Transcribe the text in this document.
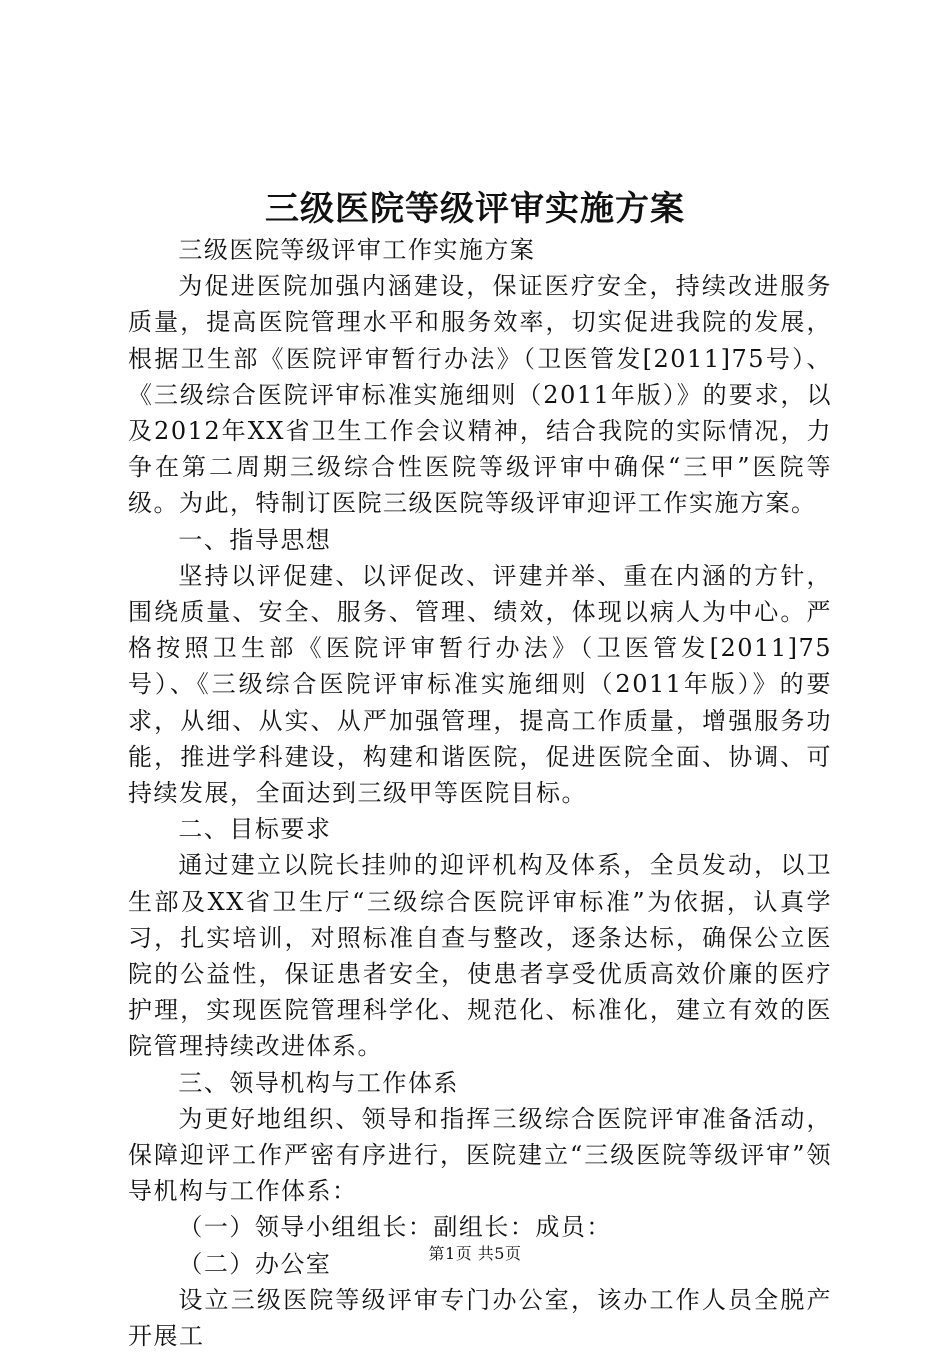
三级医院等级评审实施方案

三级医院等级评审工作实施方案

为促进医院加强内涵建设，保证医疗安全，持续改进服务质量，提高医院管理水平和服务效率，切实促进我院的发展，根据卫生部《医院评审暂行办法》（卫医管发[2011]75号）、《三级综合医院评审标准实施细则（2011年版）》的要求，以及2012年XX省卫生工作会议精神，结合我院的实际情况，力争在第二周期三级综合性医院等级评审中确保“三甲”医院等级。为此，特制订医院三级医院等级评审迎评工作实施方案。

一、指导思想

坚持以评促建、以评促改、评建并举、重在内涵的方针，围绕质量、安全、服务、管理、绩效，体现以病人为中心。严格按照卫生部《医院评审暂行办法》（卫医管发[2011]75号）、《三级综合医院评审标准实施细则（2011年版）》的要求，从细、从实、从严加强管理，提高工作质量，增强服务功能，推进学科建设，构建和谐医院，促进医院全面、协调、可持续发展，全面达到三级甲等医院目标。

二、目标要求

通过建立以院长挂帅的迎评机构及体系，全员发动，以卫生部及XX省卫生厅“三级综合医院评审标准”为依据，认真学习，扎实培训，对照标准自查与整改，逐条达标，确保公立医院的公益性，保证患者安全，使患者享受优质高效价廉的医疗护理，实现医院管理科学化、规范化、标准化，建立有效的医院管理持续改进体系。

三、领导机构与工作体系

为更好地组织、领导和指挥三级综合医院评审准备活动，保障迎评工作严密有序进行，医院建立“三级医院等级评审”领导机构与工作体系：

（一）领导小组组长：副组长：成员：

（二）办公室

设立三级医院等级评审专门办公室，该办工作人员全脱产开展工

第1页 共5页
